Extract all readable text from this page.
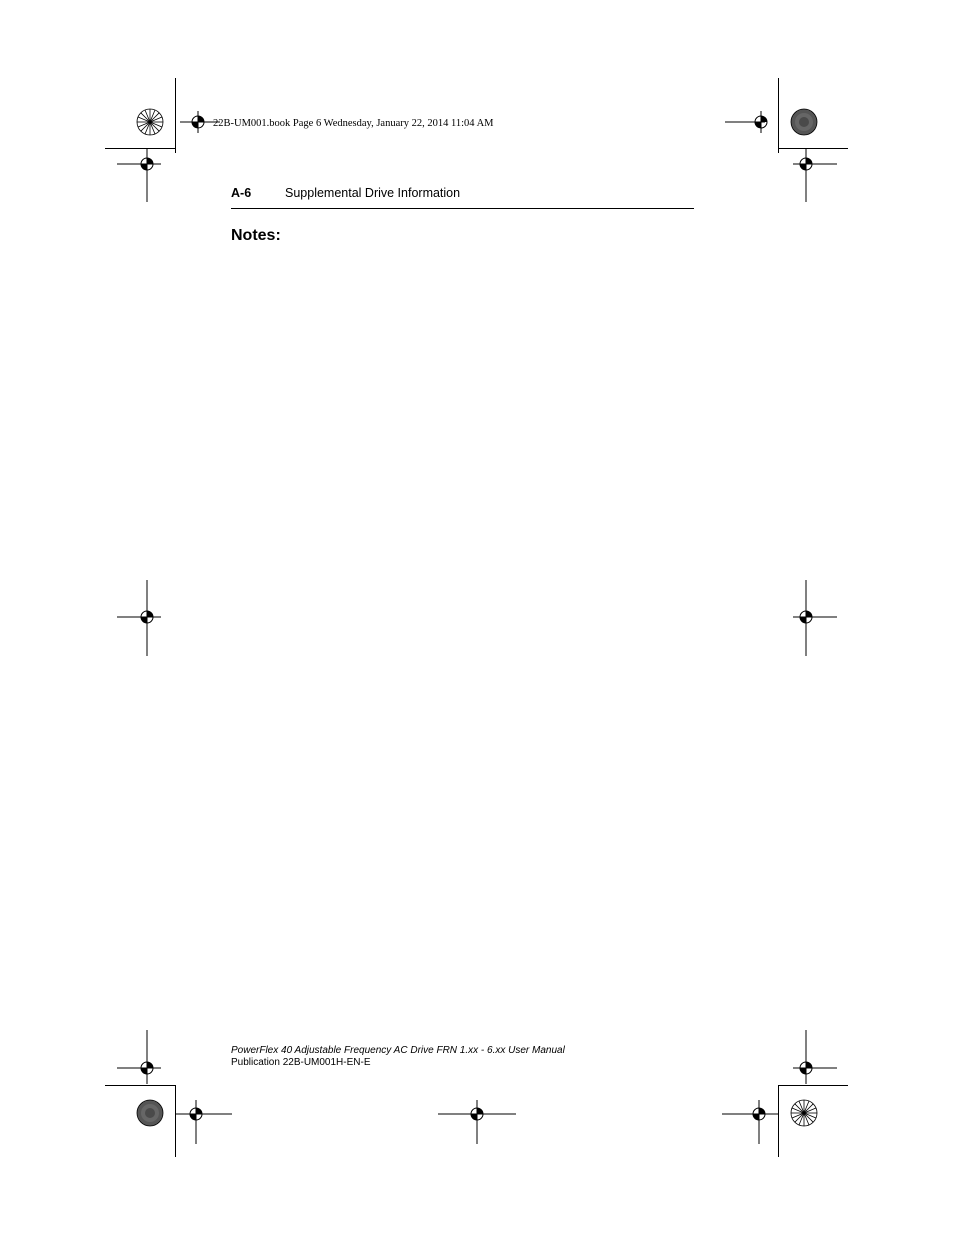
22B-UM001.book Page 6 Wednesday, January 22, 2014 11:04 AM
A-6	Supplemental Drive Information
Notes:
PowerFlex 40 Adjustable Frequency AC Drive FRN 1.xx - 6.xx User Manual
Publication 22B-UM001H-EN-E
